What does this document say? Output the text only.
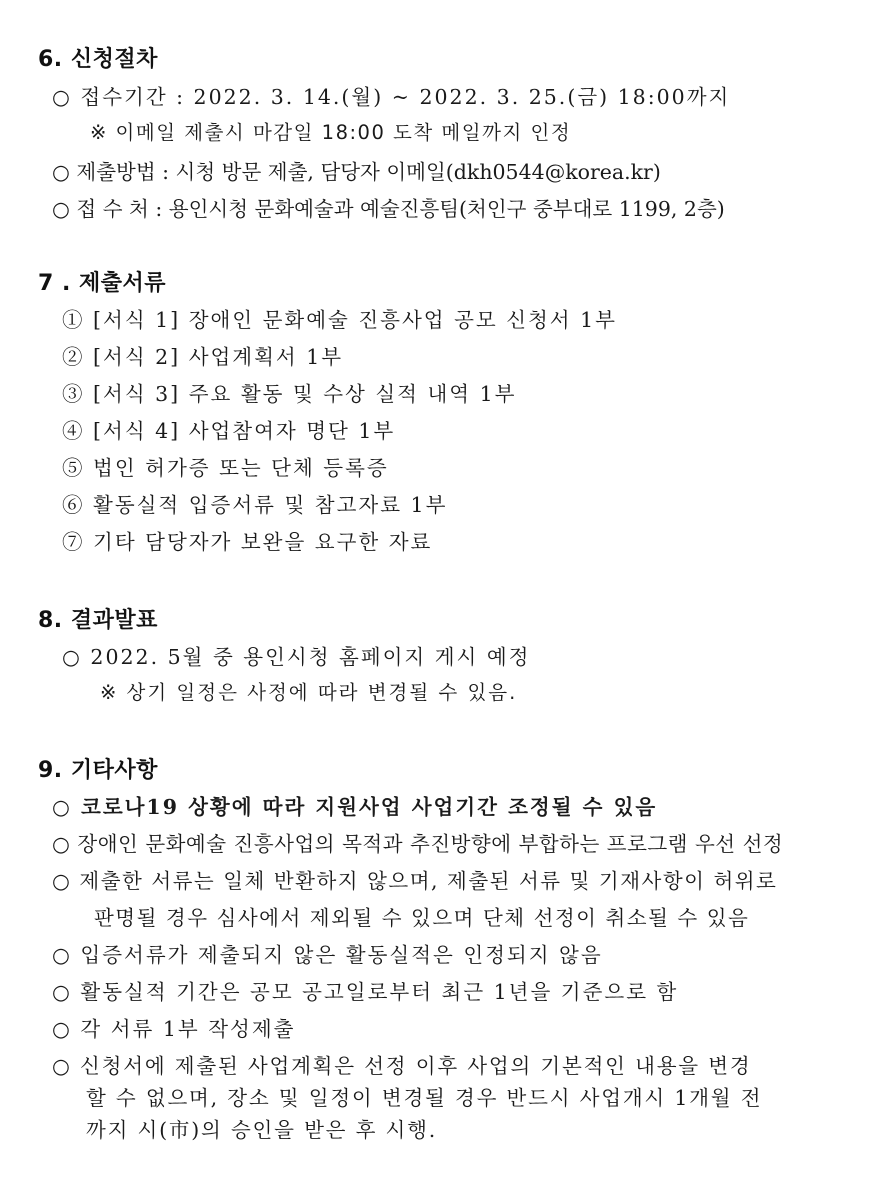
6. 신청절차
○ 접수기간 : 2022. 3. 14.(월) ~ 2022. 3. 25.(금) 18:00까지
※ 이메일 제출시 마감일 18:00 도착 메일까지 인정
○ 제출방법 : 시청 방문 제출, 담당자 이메일(dkh0544@korea.kr)
○ 접 수 처 : 용인시청 문화예술과 예술진흥팀(처인구 중부대로 1199, 2층)
7 . 제출서류
① [서식 1] 장애인 문화예술 진흥사업 공모 신청서 1부
② [서식 2] 사업계획서 1부
③ [서식 3] 주요 활동 및 수상 실적 내역 1부
④ [서식 4] 사업참여자 명단 1부
⑤ 법인 허가증 또는 단체 등록증
⑥ 활동실적 입증서류 및 참고자료 1부
⑦ 기타 담당자가 보완을 요구한 자료
8. 결과발표
○ 2022. 5월 중 용인시청 홈페이지 게시 예정
※ 상기 일정은 사정에 따라 변경될 수 있음.
9. 기타사항
○ 코로나19 상황에 따라 지원사업 사업기간 조정될 수 있음
○ 장애인 문화예술 진흥사업의 목적과 추진방향에 부합하는 프로그램 우선 선정
○ 제출한 서류는 일체 반환하지 않으며, 제출된 서류 및 기재사항이 허위로
판명될 경우 심사에서 제외될 수 있으며 단체 선정이 취소될 수 있음
○ 입증서류가 제출되지 않은 활동실적은 인정되지 않음
○ 활동실적 기간은 공모 공고일로부터 최근 1년을 기준으로 함
○ 각 서류 1부 작성제출
○ 신청서에 제출된 사업계획은 선정 이후 사업의 기본적인 내용을 변경
할 수 없으며, 장소 및 일정이 변경될 경우 반드시 사업개시 1개월 전
까지 시(市)의 승인을 받은 후 시행.
